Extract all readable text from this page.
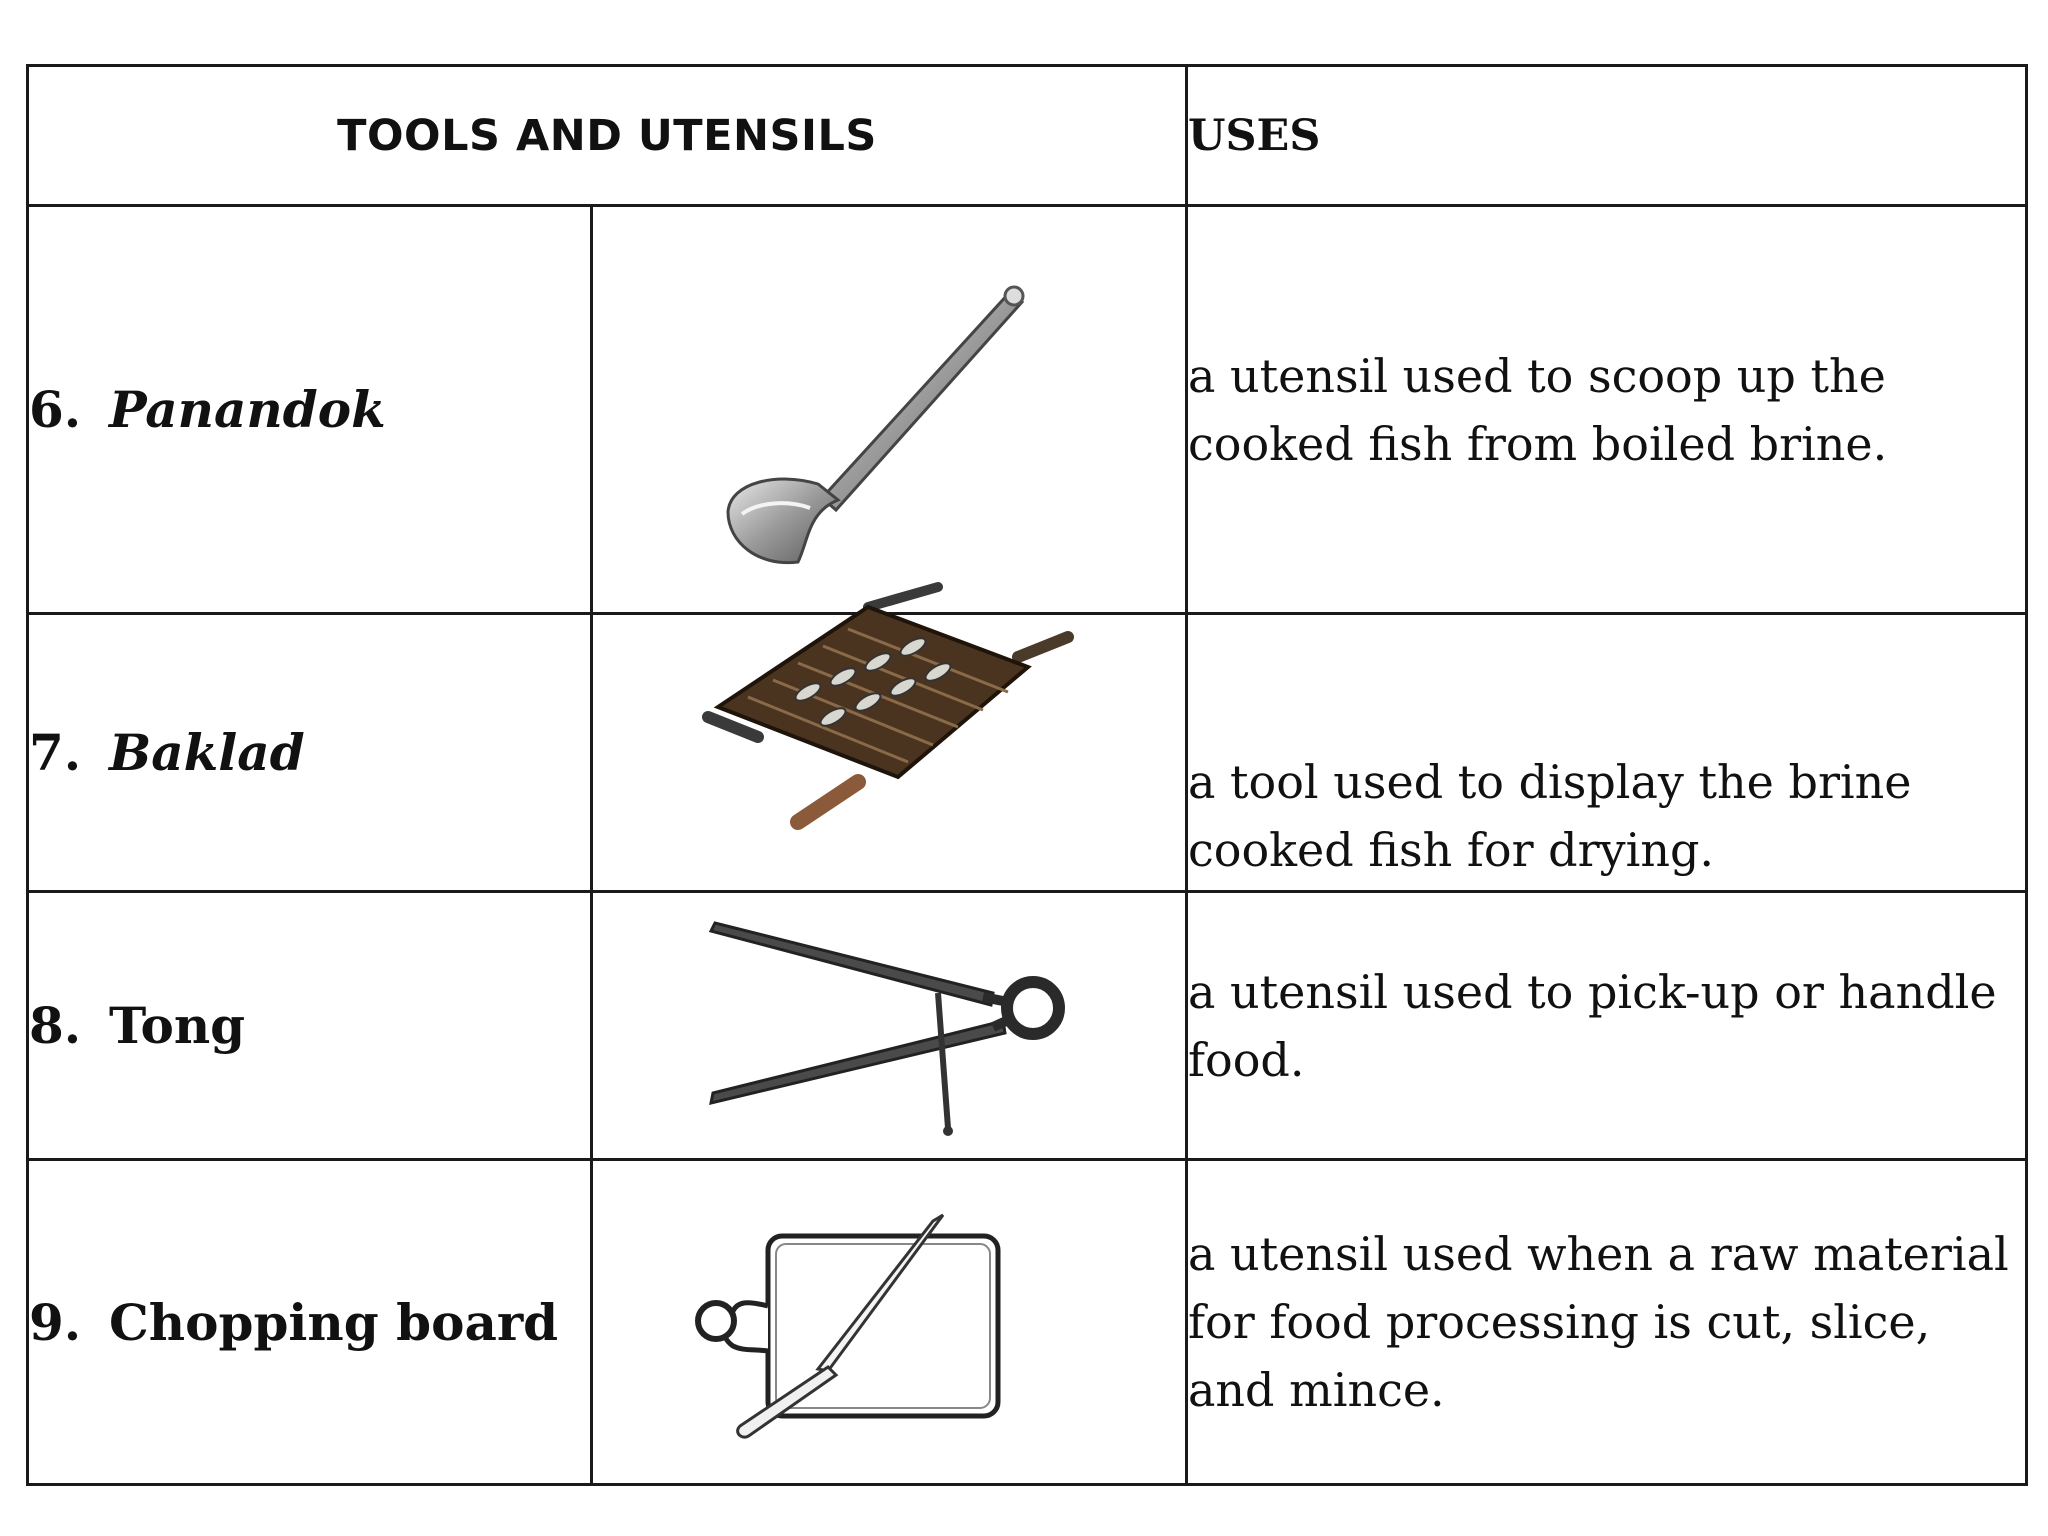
TOOLS AND UTENSILS		USES
6. Panandok		a utensil used to scoop up the cooked fish from boiled brine.
7. Baklad		a tool used to display the brine cooked fish for drying.
8. Tong		a utensil used to pick-up or handle food.
9. Chopping board		a utensil used when a raw material for food processing is cut, slice, and mince.
